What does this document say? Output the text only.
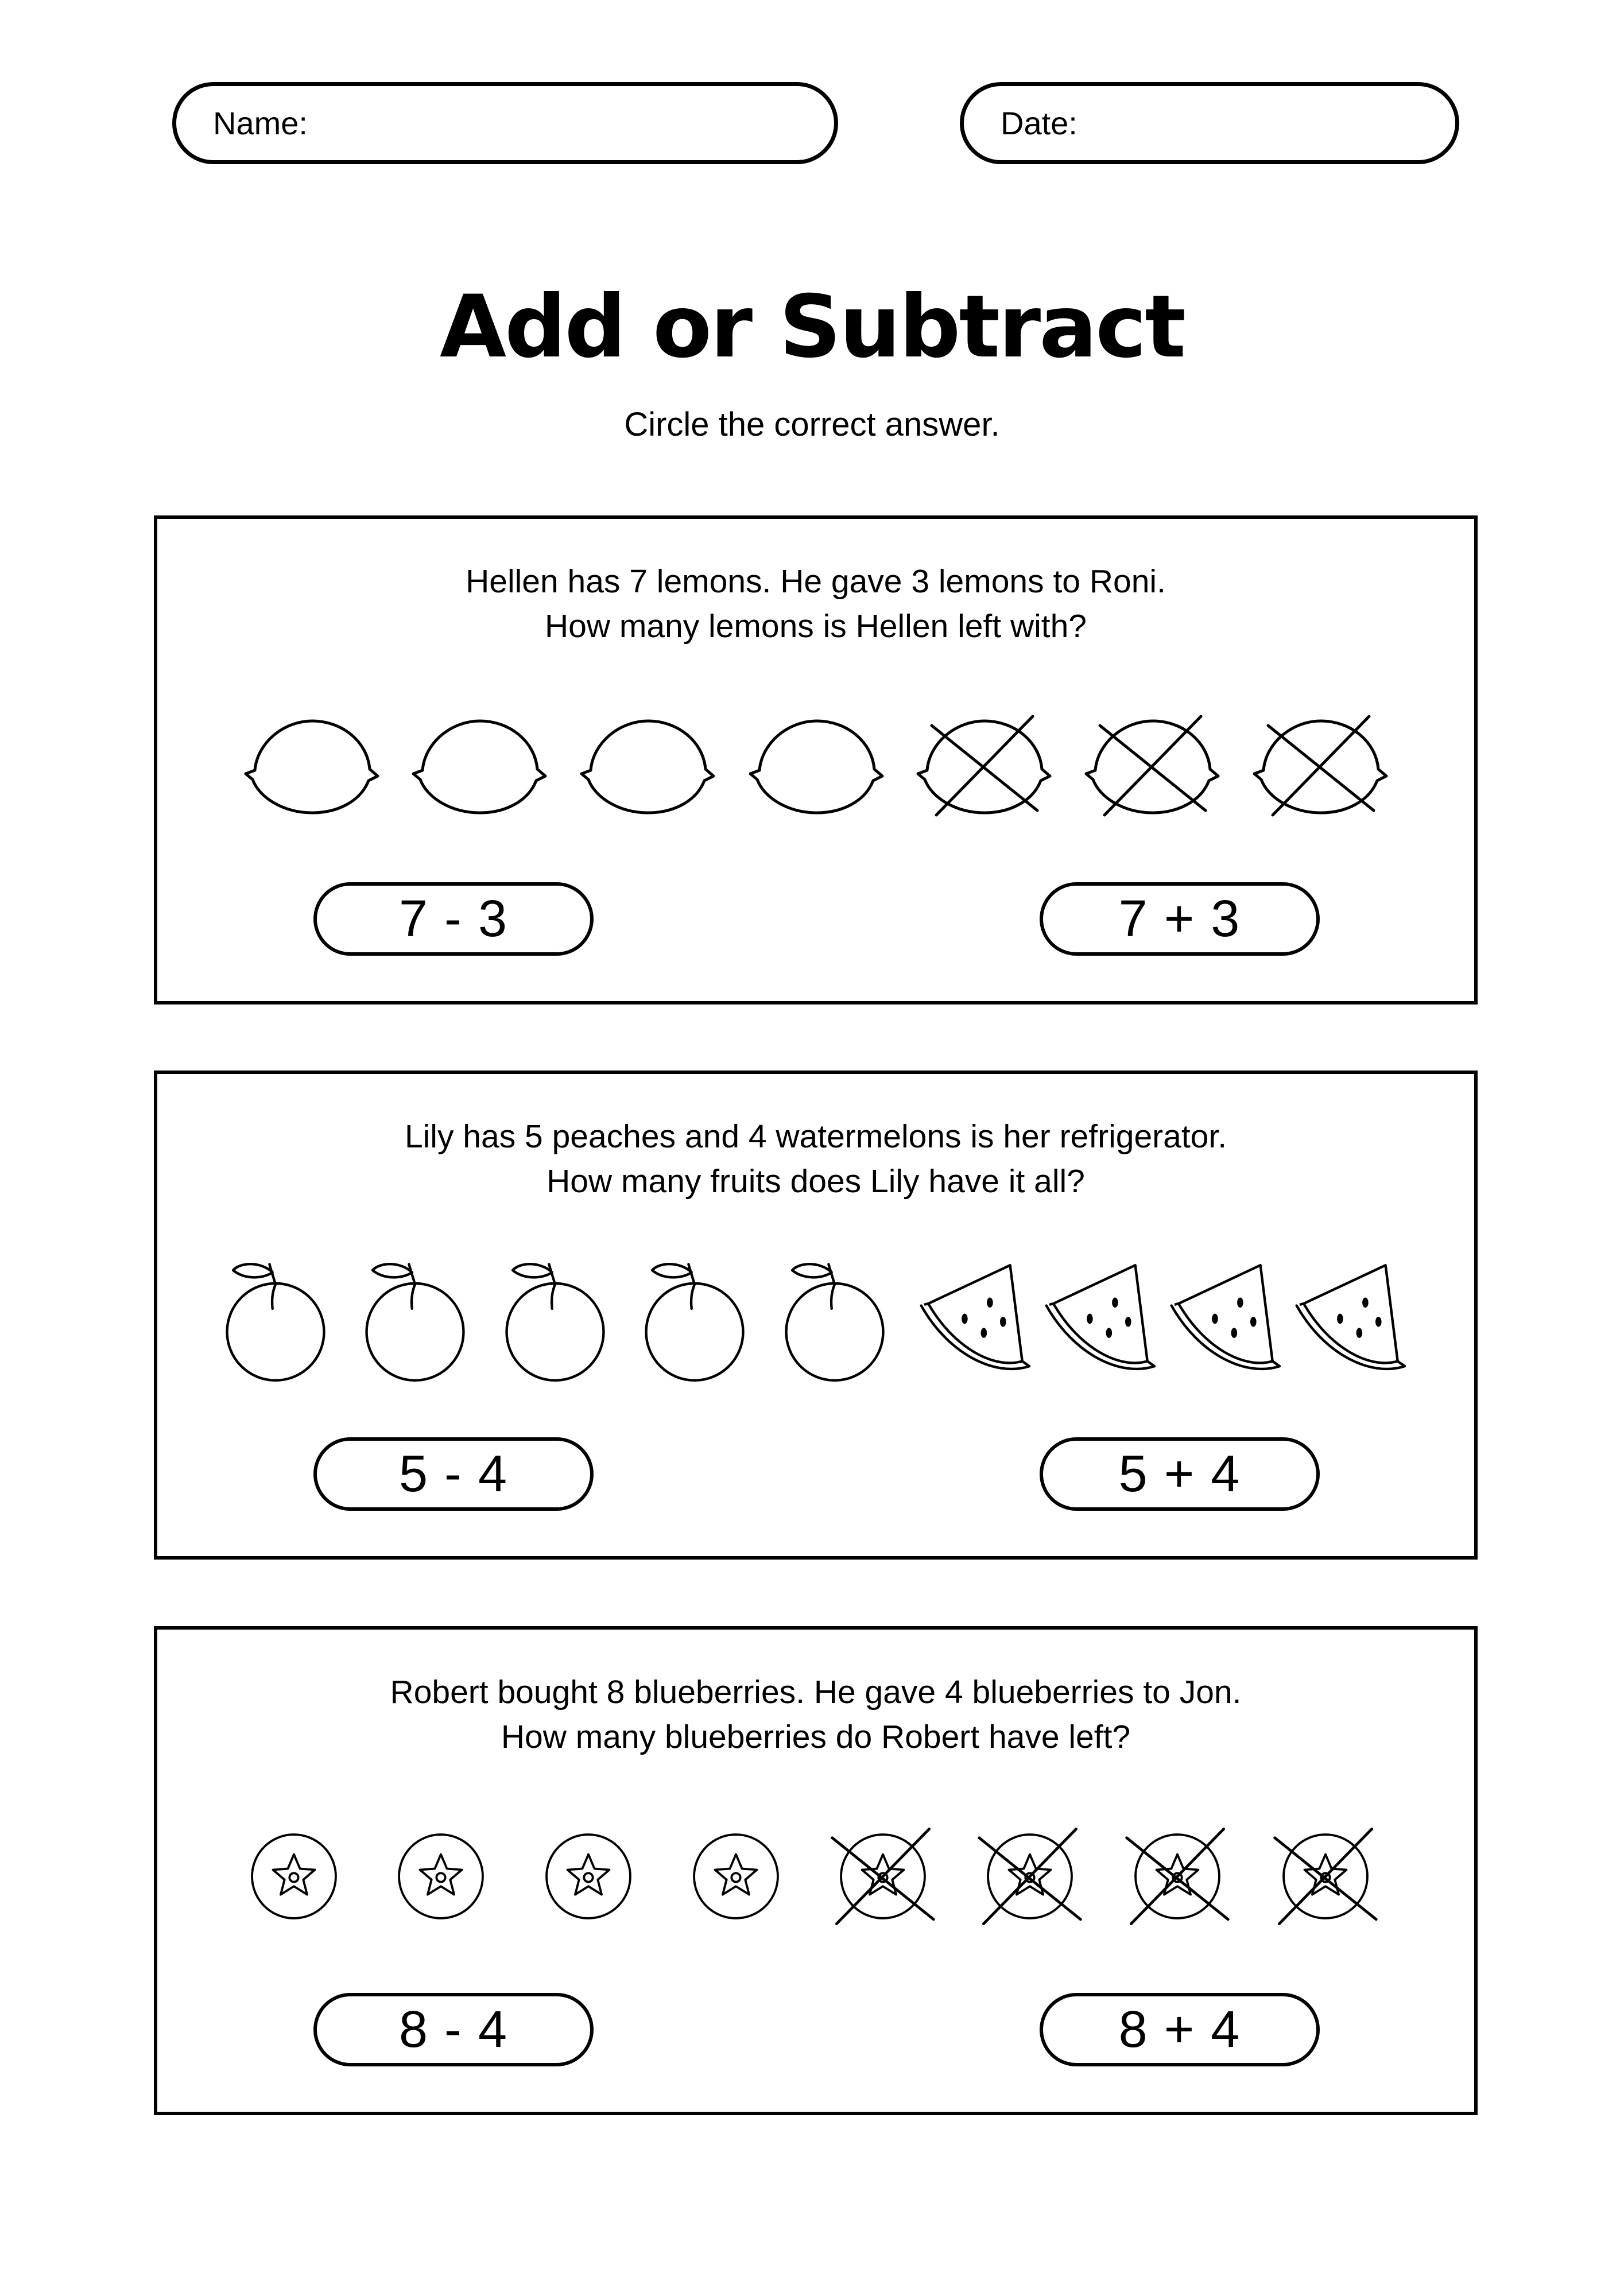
Name:	Date:
Add or Subtract
Circle the correct answer.
Hellen has 7 lemons. He gave 3 lemons to Roni.
How many lemons is Hellen left with?
7 - 3	7 + 3
Lily has 5 peaches and 4 watermelons is her refrigerator.
How many fruits does Lily have it all?
5 - 4	5 + 4
Robert bought 8 blueberries. He gave 4 blueberries to Jon.
How many blueberries do Robert have left?
8 - 4	8 + 4
